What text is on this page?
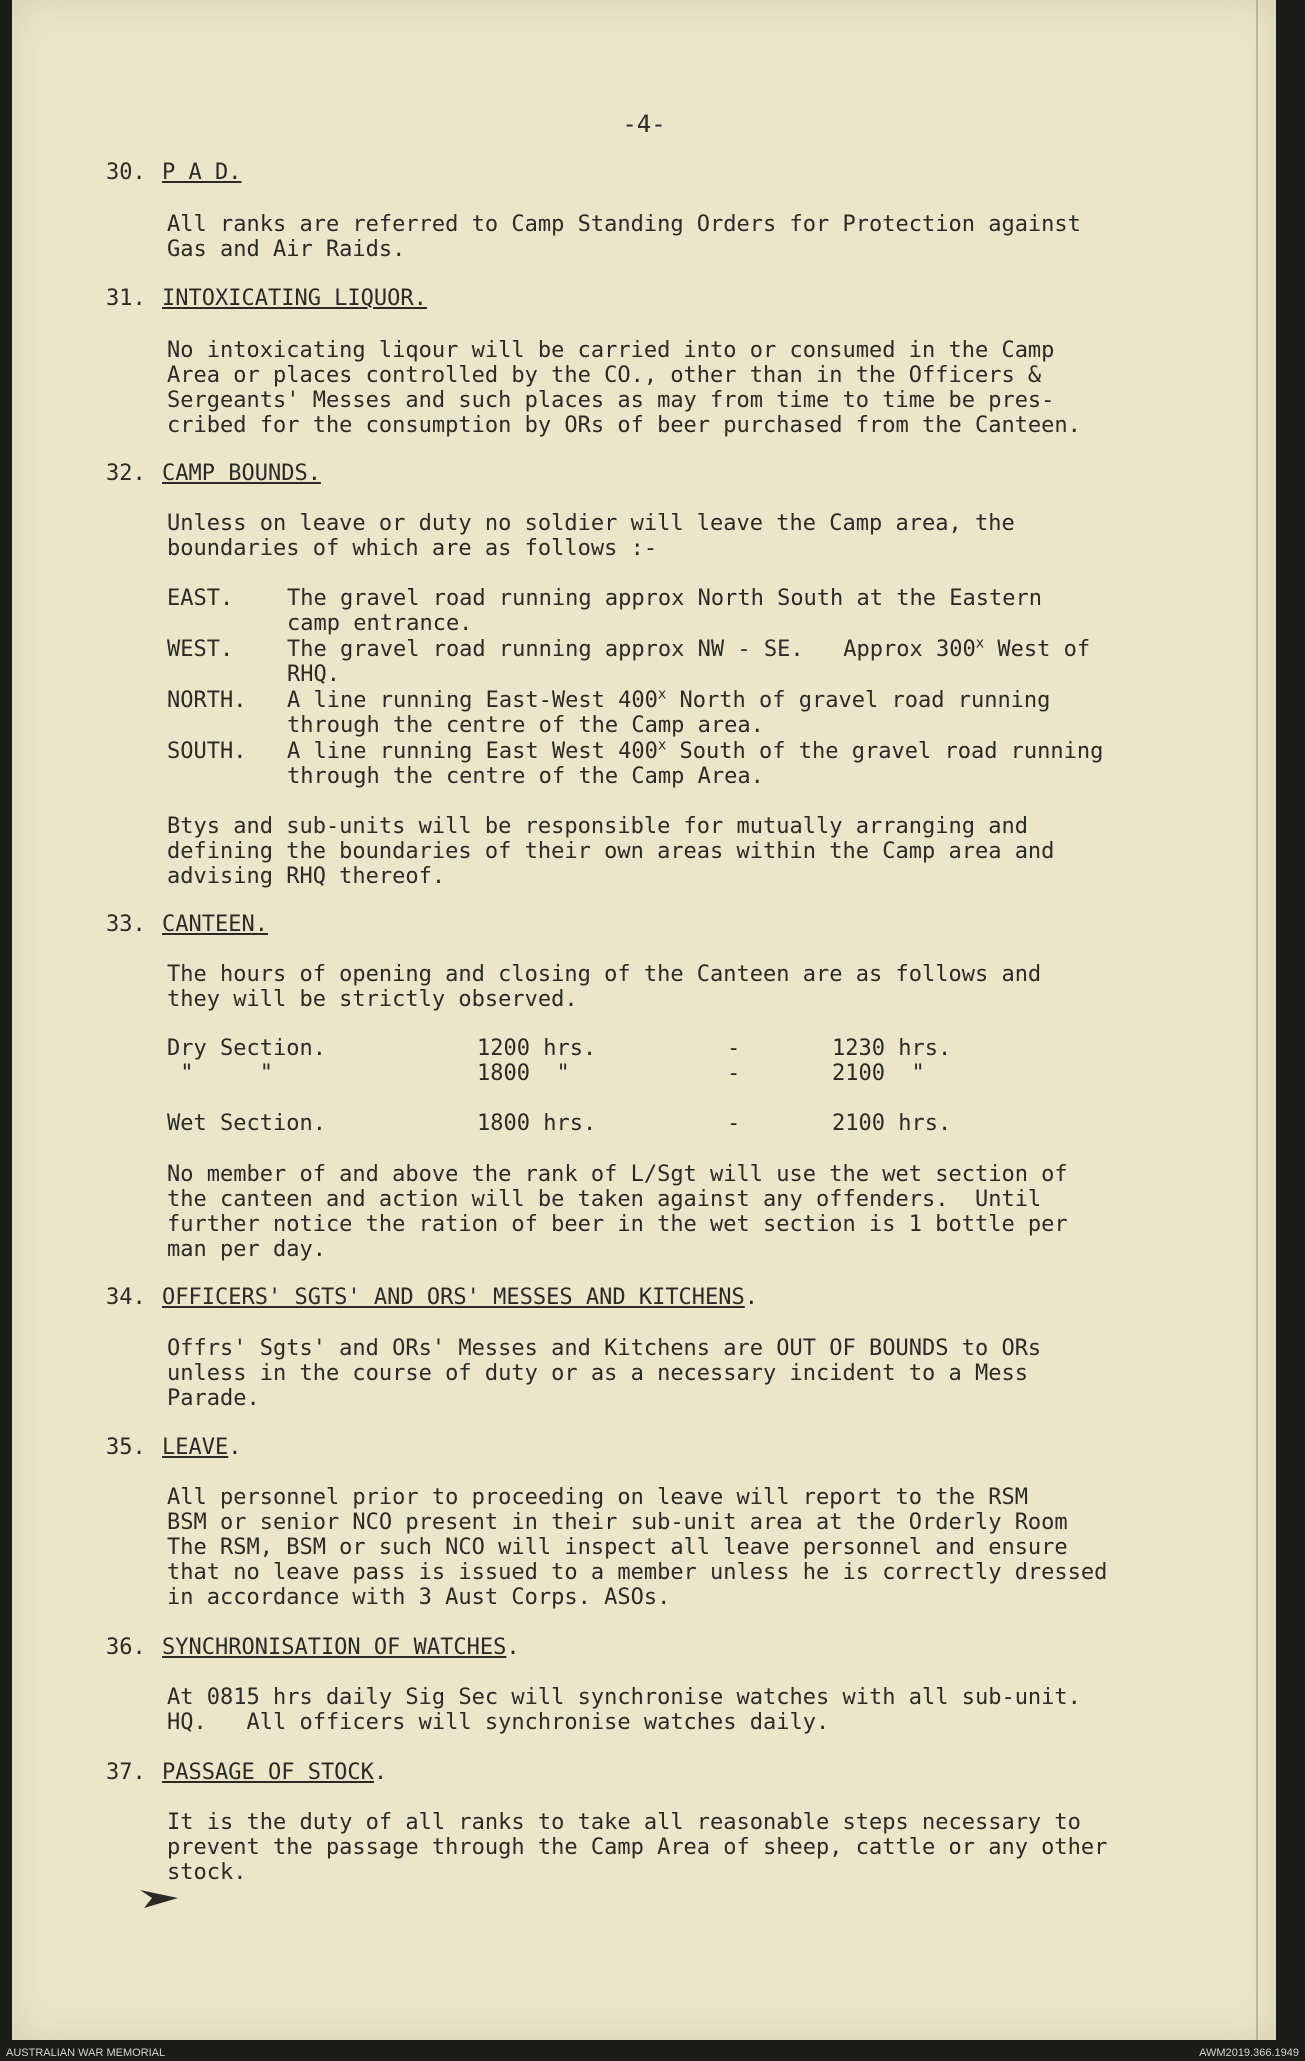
-4-
30. P A D.
All ranks are referred to Camp Standing Orders for Protection against
Gas and Air Raids.
31. INTOXICATING LIQUOR.
No intoxicating liqour will be carried into or consumed in the Camp
Area or places controlled by the CO., other than in the Officers &
Sergeants' Messes and such places as may from time to time be pres-
cribed for the consumption by ORs of beer purchased from the Canteen.
32. CAMP BOUNDS.
Unless on leave or duty no soldier will leave the Camp area, the
boundaries of which are as follows :-
EAST.	The gravel road running approx North South at the Eastern
camp entrance.
WEST.	The gravel road running approx NW - SE.   Approx 300$^x$ West of
RHQ.
NORTH.	A line running East-West 400$^x$ North of gravel road running
through the centre of the Camp area.
SOUTH.	A line running East West 400$^x$ South of the gravel road running
through the centre of the Camp Area.
Btys and sub-units will be responsible for mutually arranging and
defining the boundaries of their own areas within the Camp area and
advising RHQ thereof.
33. CANTEEN.
The hours of opening and closing of the Canteen are as follows and
they will be strictly observed.
Dry Section.	1200 hrs.	-	1230 hrs.
"     "	1800  "	-	2100  "
Wet Section.	1800 hrs.	-	2100 hrs.
No member of and above the rank of L/Sgt will use the wet section of
the canteen and action will be taken against any offenders.  Until
further notice the ration of beer in the wet section is 1 bottle per
man per day.
34. OFFICERS' SGTS' AND ORS' MESSES AND KITCHENS.
Offrs' Sgts' and ORs' Messes and Kitchens are OUT OF BOUNDS to ORs
unless in the course of duty or as a necessary incident to a Mess
Parade.
35. LEAVE.
All personnel prior to proceeding on leave will report to the RSM
BSM or senior NCO present in their sub-unit area at the Orderly Room
The RSM, BSM or such NCO will inspect all leave personnel and ensure
that no leave pass is issued to a member unless he is correctly dressed
in accordance with 3 Aust Corps. ASOs.
36. SYNCHRONISATION OF WATCHES.
At 0815 hrs daily Sig Sec will synchronise watches with all sub-unit.
HQ.   All officers will synchronise watches daily.
37. PASSAGE OF STOCK.
It is the duty of all ranks to take all reasonable steps necessary to
prevent the passage through the Camp Area of sheep, cattle or any other
stock.
AUSTRALIAN WAR MEMORIAL	AWM2019.366.1949
